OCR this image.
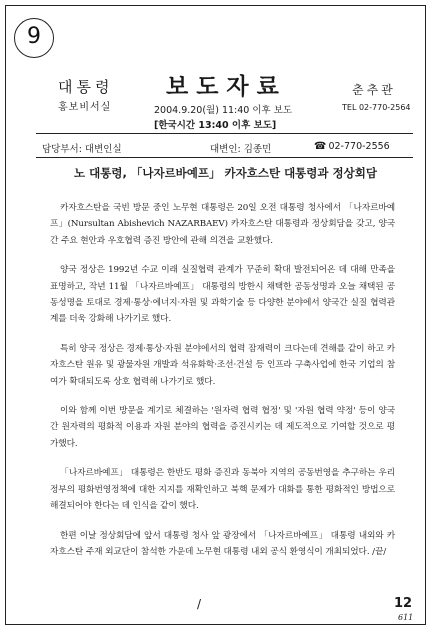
9
대통령
홍보비서실
보도자료
2004.9.20(월) 11:40 이후 보도
[한국시간 13:40 이후 보도]
춘추관
TEL 02-770-2564
담당부서: 대변인실	대변인: 김종민	☎ 02-770-2556
노 대통령, 「나자르바예프」 카자흐스탄 대통령과 정상회담

카자흐스탄을 국빈 방문 중인 노무현 대통령은 20일 오전 대통령 청사에서 「나자르바예프」(Nursultan Abishevich NAZARBAEV) 카자흐스탄 대통령과 정상회담을 갖고, 양국간 주요 현안과 우호협력 증진 방안에 관해 의견을 교환했다.

양국 정상은 1992년 수교 이래 실질협력 관계가 꾸준히 확대 발전되어온 데 대해 만족을 표명하고, 작년 11월 「나자르바예프」 대통령의 방한시 채택한 공동성명과 오늘 채택된 공동성명을 토대로 경제·통상·에너지·자원 및 과학기술 등 다양한 분야에서 양국간 실질 협력관계를 더욱 강화해 나가기로 했다.

특히 양국 정상은 경제·통상·자원 분야에서의 협력 잠재력이 크다는데 견해를 같이 하고 카자흐스탄 원유 및 광물자원 개발과 석유화학·조선·건설 등 인프라 구축사업에 한국 기업의 참여가 확대되도록 상호 협력해 나가기로 했다.

이와 함께 이번 방문을 계기로 체결하는 '원자력 협력 협정' 및 '자원 협력 약정' 등이 양국간 원자력의 평화적 이용과 자원 분야의 협력을 증진시키는 데 제도적으로 기여할 것으로 평가했다.

「나자르바예프」 대통령은 한반도 평화 증진과 동북아 지역의 공동번영을 추구하는 우리 정부의 평화번영정책에 대한 지지를 재확인하고 북핵 문제가 대화를 통한 평화적인 방법으로 해결되어야 한다는 데 인식을 같이 했다.

한편 이날 정상회담에 앞서 대통령 청사 앞 광장에서 「나자르바예프」 대통령 내외와 카자흐스탄 주재 외교단이 참석한 가운데 노무현 대통령 내외 공식 환영식이 개최되었다. /끝/

/	12
611
